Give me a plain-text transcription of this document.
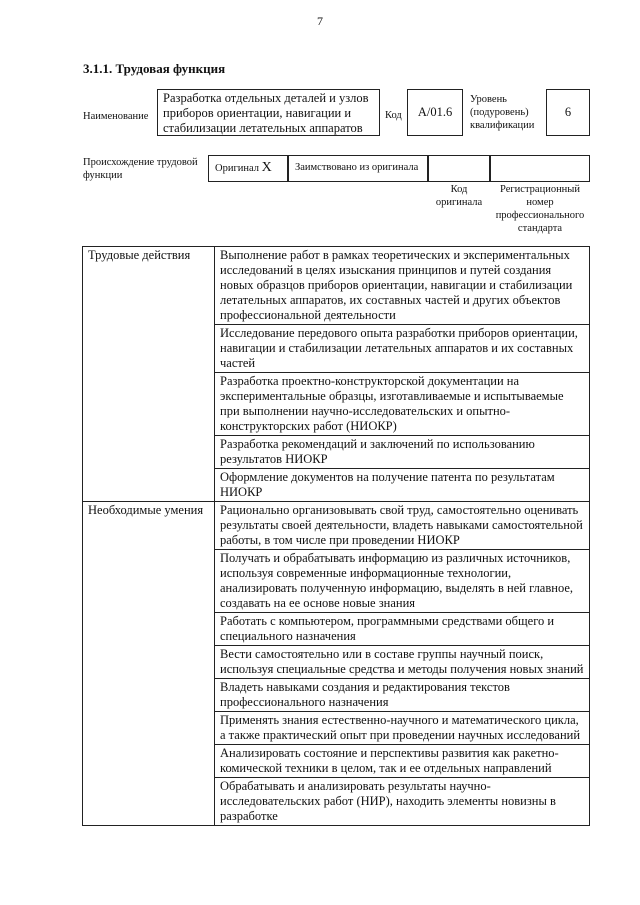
7
3.1.1. Трудовая функция
Наименование
Разработка отдельных деталей и узлов приборов ориентации, навигации и стабилизации летательных аппаратов
Код A/01.6
Уровень (подуровень) квалификации
6
Происхождение трудовой функции
Оригинал X	Заимствовано из оригинала
Код оригинала
Регистрационный номер профессионального стандарта
Трудовые действия	Выполнение работ в рамках теоретических и экспериментальных исследований в целях изыскания принципов и путей создания новых образцов приборов ориентации, навигации и стабилизации летательных аппаратов, их составных частей и других объектов профессиональной деятельности
	Исследование передового опыта разработки приборов ориентации, навигации и стабилизации летательных аппаратов и их составных частей
	Разработка проектно-конструкторской документации на экспериментальные образцы, изготавливаемые и испытываемые при выполнении научно-исследовательских и опытно-конструкторских работ (НИОКР)
	Разработка рекомендаций и заключений по использованию результатов НИОКР
	Оформление документов на получение патента по результатам НИОКР
Необходимые умения	Рационально организовывать свой труд, самостоятельно оценивать результаты своей деятельности, владеть навыками самостоятельной работы, в том числе при проведении НИОКР
	Получать и обрабатывать информацию из различных источников, используя современные информационные технологии, анализировать полученную информацию, выделять в ней главное, создавать на ее основе новые знания
	Работать с компьютером, программными средствами общего и специального назначения
	Вести самостоятельно или в составе группы научный поиск, используя специальные средства и методы получения новых знаний
	Владеть навыками создания и редактирования текстов профессионального назначения
	Применять знания естественно-научного и математического цикла, а также практический опыт при проведении научных исследований
	Анализировать состояние и перспективы развития как ракетно-комической техники в целом, так и ее отдельных направлений
	Обрабатывать и анализировать результаты научно-исследовательских работ (НИР), находить элементы новизны в разработке
